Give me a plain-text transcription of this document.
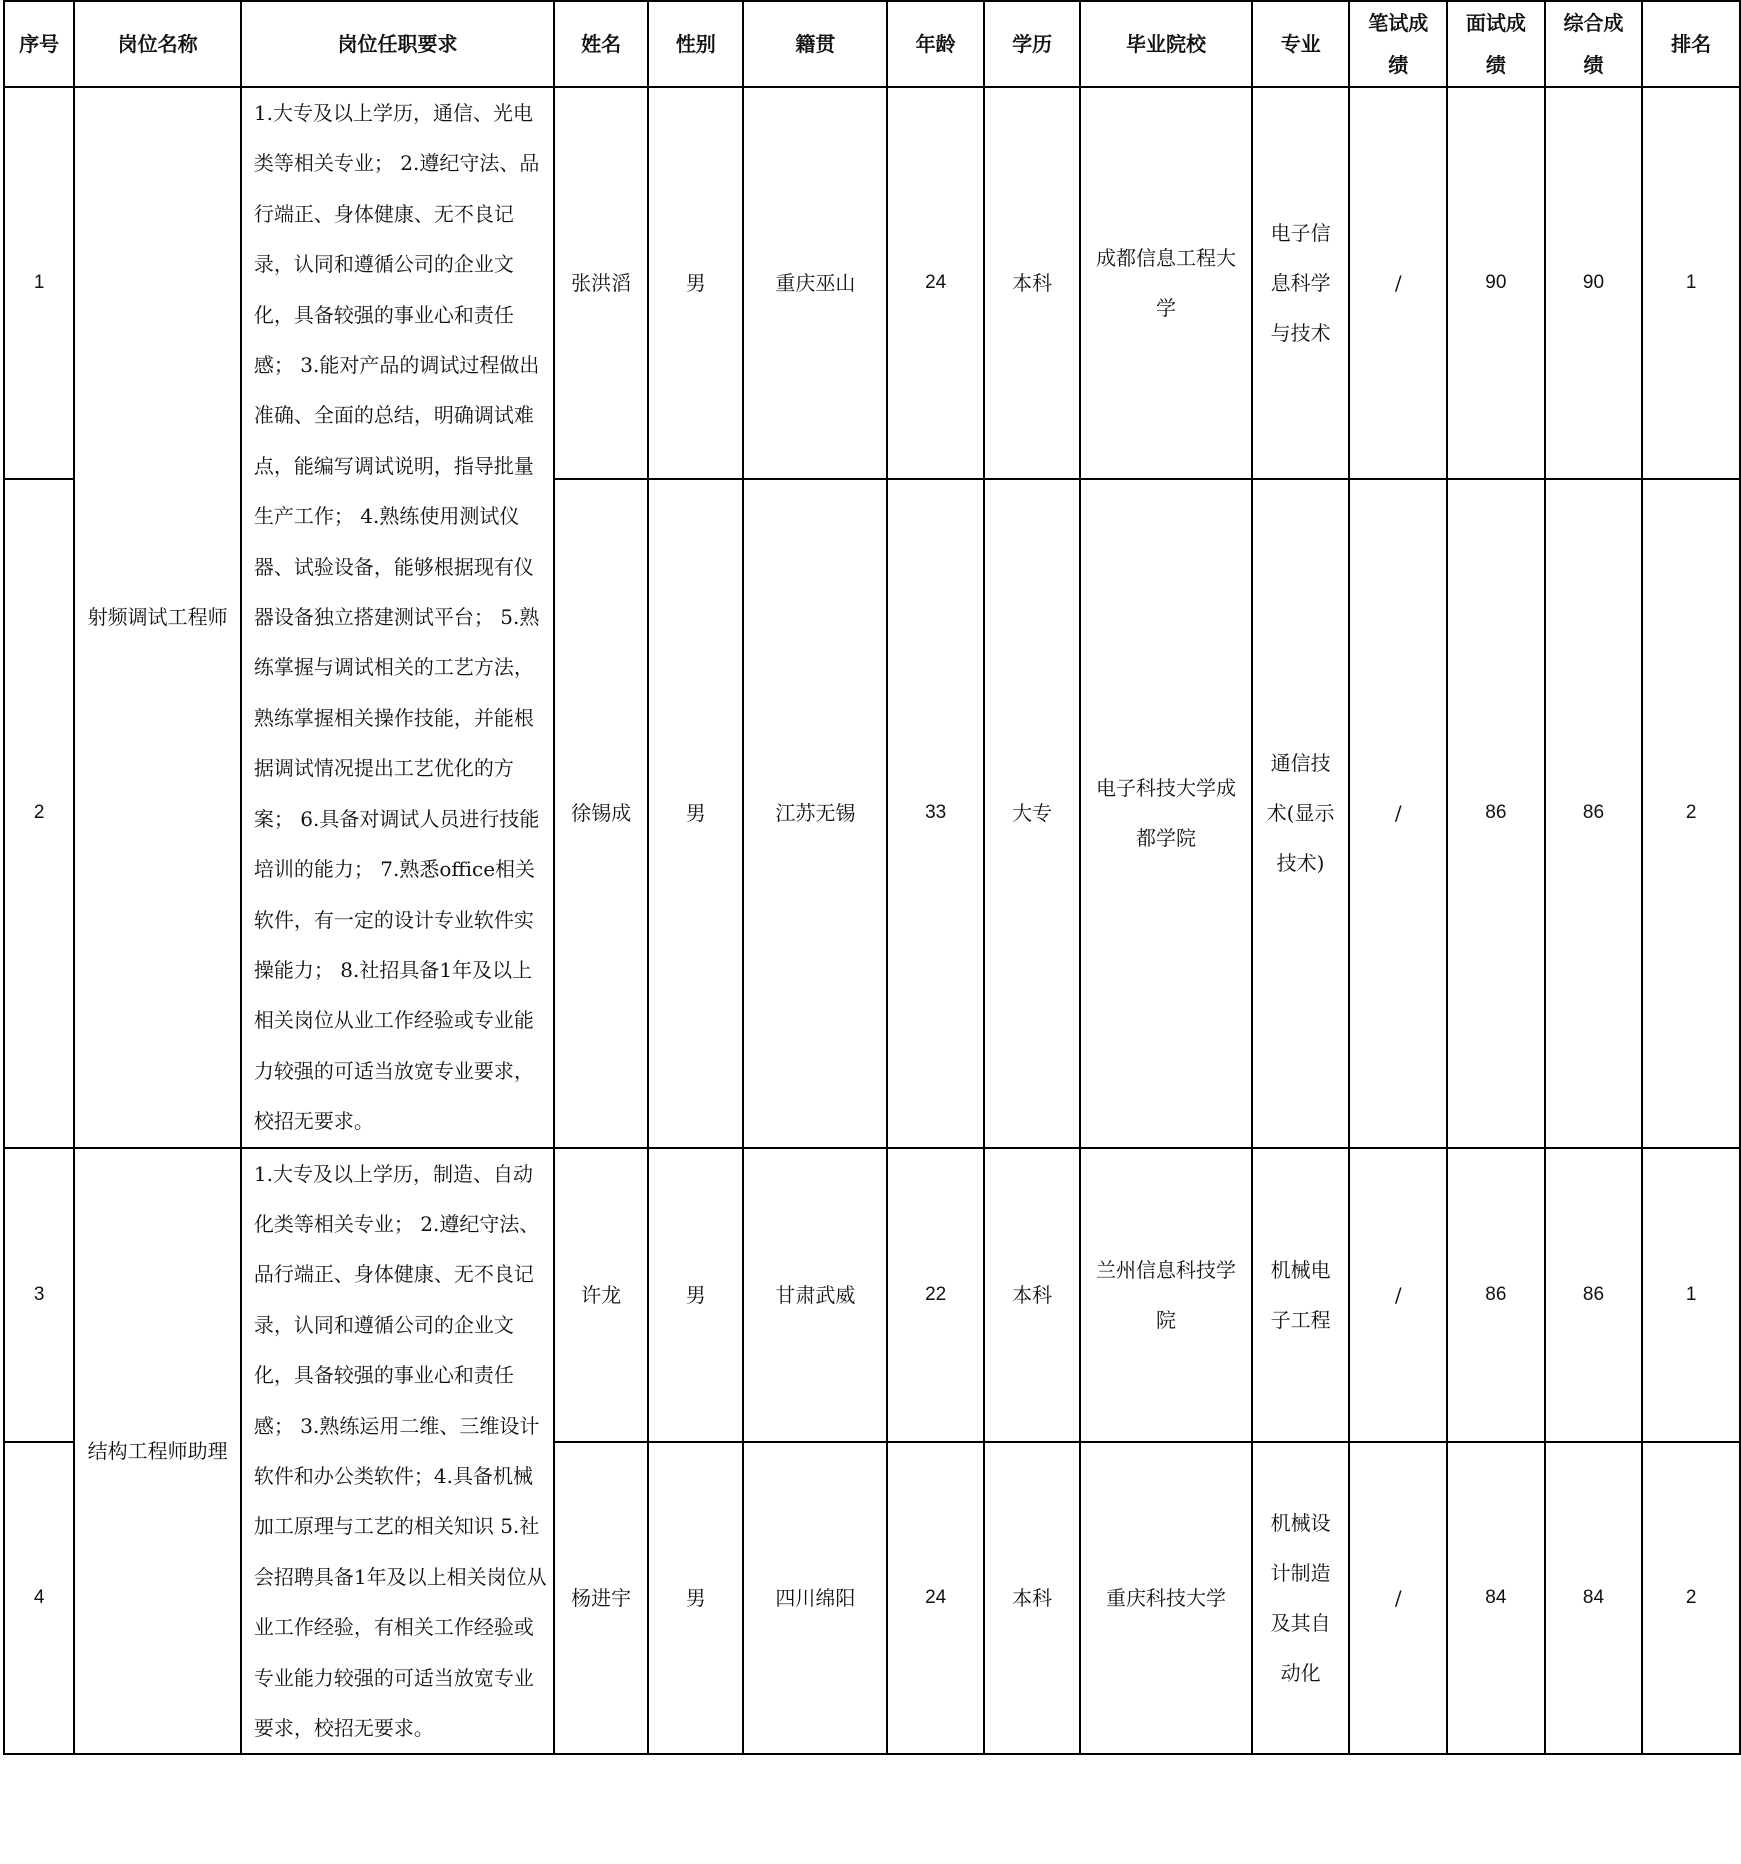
序号	岗位名称	岗位任职要求	姓名	性别	籍贯	年龄	学历	毕业院校	专业	笔试成绩	面试成绩	综合成绩	排名
1	射频调试工程师	1.大专及以上学历，通信、光电类等相关专业； 2.遵纪守法、品行端正、身体健康、无不良记录，认同和遵循公司的企业文化，具备较强的事业心和责任感； 3.能对产品的调试过程做出准确、全面的总结，明确调试难点，能编写调试说明，指导批量生产工作； 4.熟练使用测试仪器、试验设备，能够根据现有仪器设备独立搭建测试平台； 5.熟练掌握与调试相关的工艺方法，熟练掌握相关操作技能，并能根据调试情况提出工艺优化的方案； 6.具备对调试人员进行技能培训的能力； 7.熟悉office相关软件，有一定的设计专业软件实操能力； 8.社招具备1年及以上相关岗位从业工作经验或专业能力较强的可适当放宽专业要求，校招无要求。	张洪滔	男	重庆巫山	24	本科	成都信息工程大学	电子信息科学与技术	/	90	90	1
2			徐锡成	男	江苏无锡	33	大专	电子科技大学成都学院	通信技术(显示技术)	/	86	86	2
3	结构工程师助理	1.大专及以上学历，制造、自动化类等相关专业； 2.遵纪守法、品行端正、身体健康、无不良记录，认同和遵循公司的企业文化，具备较强的事业心和责任感； 3.熟练运用二维、三维设计软件和办公类软件；4.具备机械加工原理与工艺的相关知识 5.社会招聘具备1年及以上相关岗位从业工作经验，有相关工作经验或专业能力较强的可适当放宽专业要求，校招无要求。	许龙	男	甘肃武威	22	本科	兰州信息科技学院	机械电子工程	/	86	86	1
4			杨进宇	男	四川绵阳	24	本科	重庆科技大学	机械设计制造及其自动化	/	84	84	2
